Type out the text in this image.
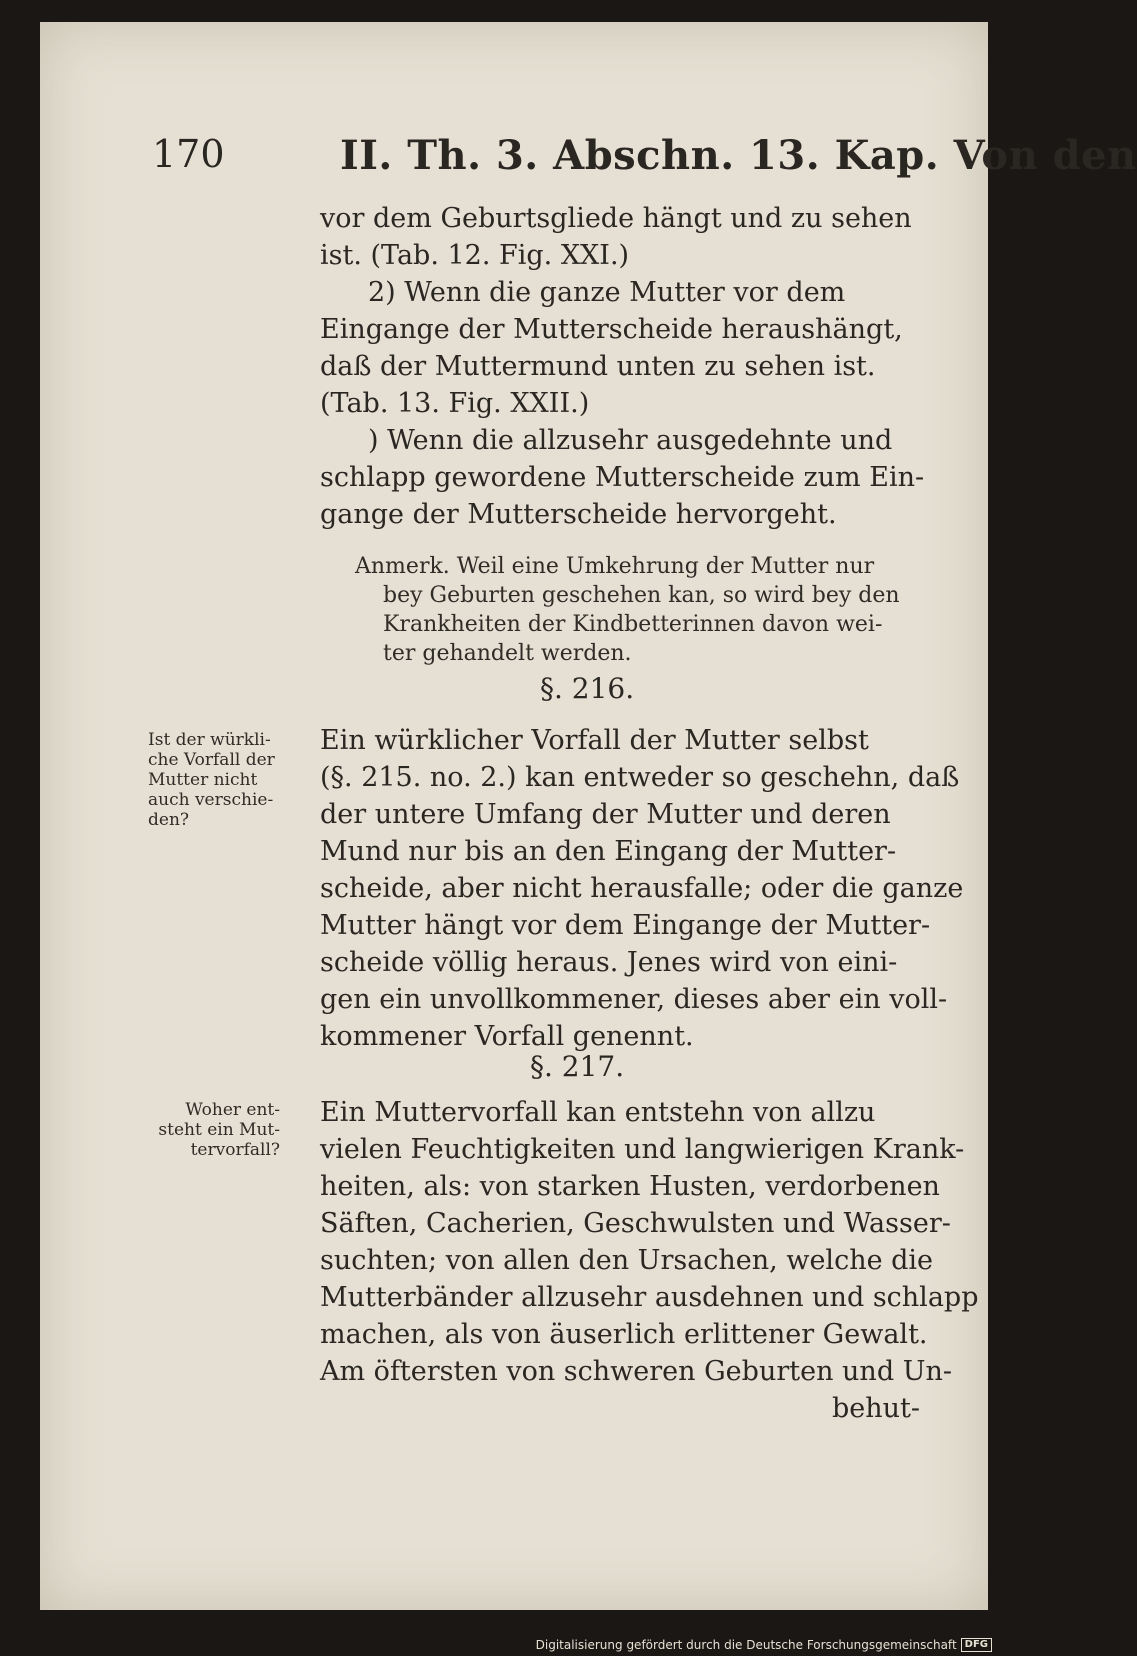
170	II. Th. 3. Abschn. 13. Kap. Von den
vor dem Geburtsgliede hängt und zu sehen
ist. (Tab. 12. Fig. XXI.)
2) Wenn die ganze Mutter vor dem
Eingange der Mutterscheide heraushängt,
daß der Muttermund unten zu sehen ist.
(Tab. 13. Fig. XXII.)
) Wenn die allzusehr ausgedehnte und
schlapp gewordene Mutterscheide zum Ein-
gange der Mutterscheide hervorgeht.
Anmerk. Weil eine Umkehrung der Mutter nur
bey Geburten geschehen kan, so wird bey den
Krankheiten der Kindbetterinnen davon wei-
ter gehandelt werden.
§. 216.
Ist der würkli-
che Vorfall der
Mutter nicht
auch verschie-
den?
Ein würklicher Vorfall der Mutter selbst
(§. 215. no. 2.) kan entweder so geschehn, daß
der untere Umfang der Mutter und deren
Mund nur bis an den Eingang der Mutter-
scheide, aber nicht herausfalle; oder die ganze
Mutter hängt vor dem Eingange der Mutter-
scheide völlig heraus. Jenes wird von eini-
gen ein unvollkommener, dieses aber ein voll-
kommener Vorfall genennt.
§. 217.
Woher ent-
steht ein Mut-
tervorfall?
Ein Muttervorfall kan entstehn von allzu
vielen Feuchtigkeiten und langwierigen Krank-
heiten, als: von starken Husten, verdorbenen
Säften, Cacherien, Geschwulsten und Wasser-
suchten; von allen den Ursachen, welche die
Mutterbänder allzusehr ausdehnen und schlapp
machen, als von äuserlich erlittener Gewalt.
Am öftersten von schweren Geburten und Un-
behut-
Digitalisierung gefördert durch die Deutsche Forschungsgemeinschaft DFG
